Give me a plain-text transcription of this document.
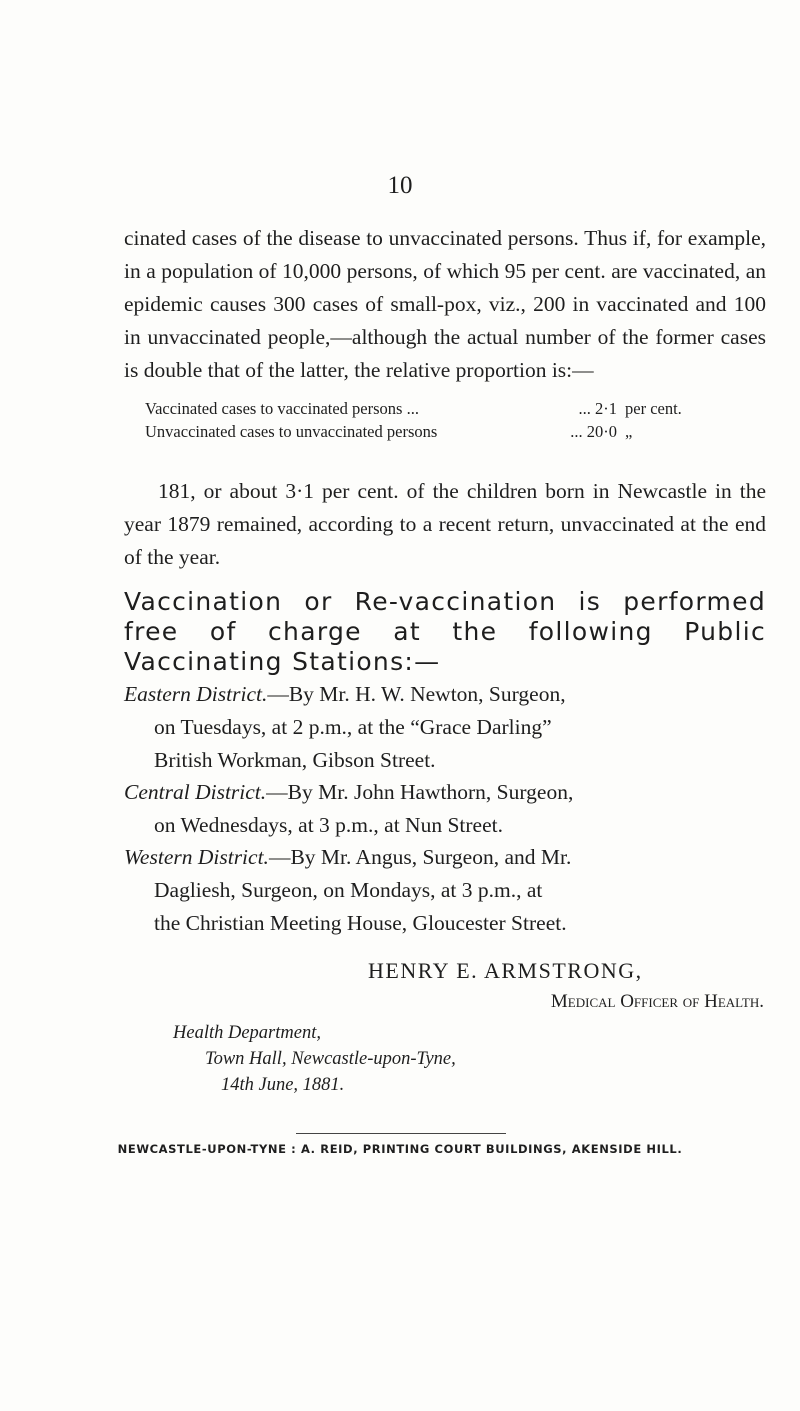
10
cinated cases of the disease to unvaccinated persons. Thus if, for example, in a population of 10,000 persons, of which 95 per cent. are vaccinated, an epidemic causes 300 cases of small-pox, viz., 200 in vaccinated and 100 in unvaccinated people,—although the actual number of the former cases is double that of the latter, the relative proportion is:—
Vaccinated cases to vaccinated persons ...	... 2·1 per cent.
Unvaccinated cases to unvaccinated persons	... 20·0 „
181, or about 3·1 per cent. of the children born in Newcastle in the year 1879 remained, according to a recent return, unvaccinated at the end of the year.
Vaccination or Re-vaccination is performed free of charge at the following Public Vaccinating Stations:—
Eastern District.—By Mr. H. W. Newton, Surgeon,
on Tuesdays, at 2 p.m., at the “Grace Darling”
British Workman, Gibson Street.
Central District.—By Mr. John Hawthorn, Surgeon,
on Wednesdays, at 3 p.m., at Nun Street.
Western District.—By Mr. Angus, Surgeon, and Mr.
Dagliesh, Surgeon, on Mondays, at 3 p.m., at
the Christian Meeting House, Gloucester Street.
HENRY E. ARMSTRONG,
Medical Officer of Health.
Health Department,
Town Hall, Newcastle-upon-Tyne,
14th June, 1881.
NEWCASTLE-UPON-TYNE : A. REID, PRINTING COURT BUILDINGS, AKENSIDE HILL.
